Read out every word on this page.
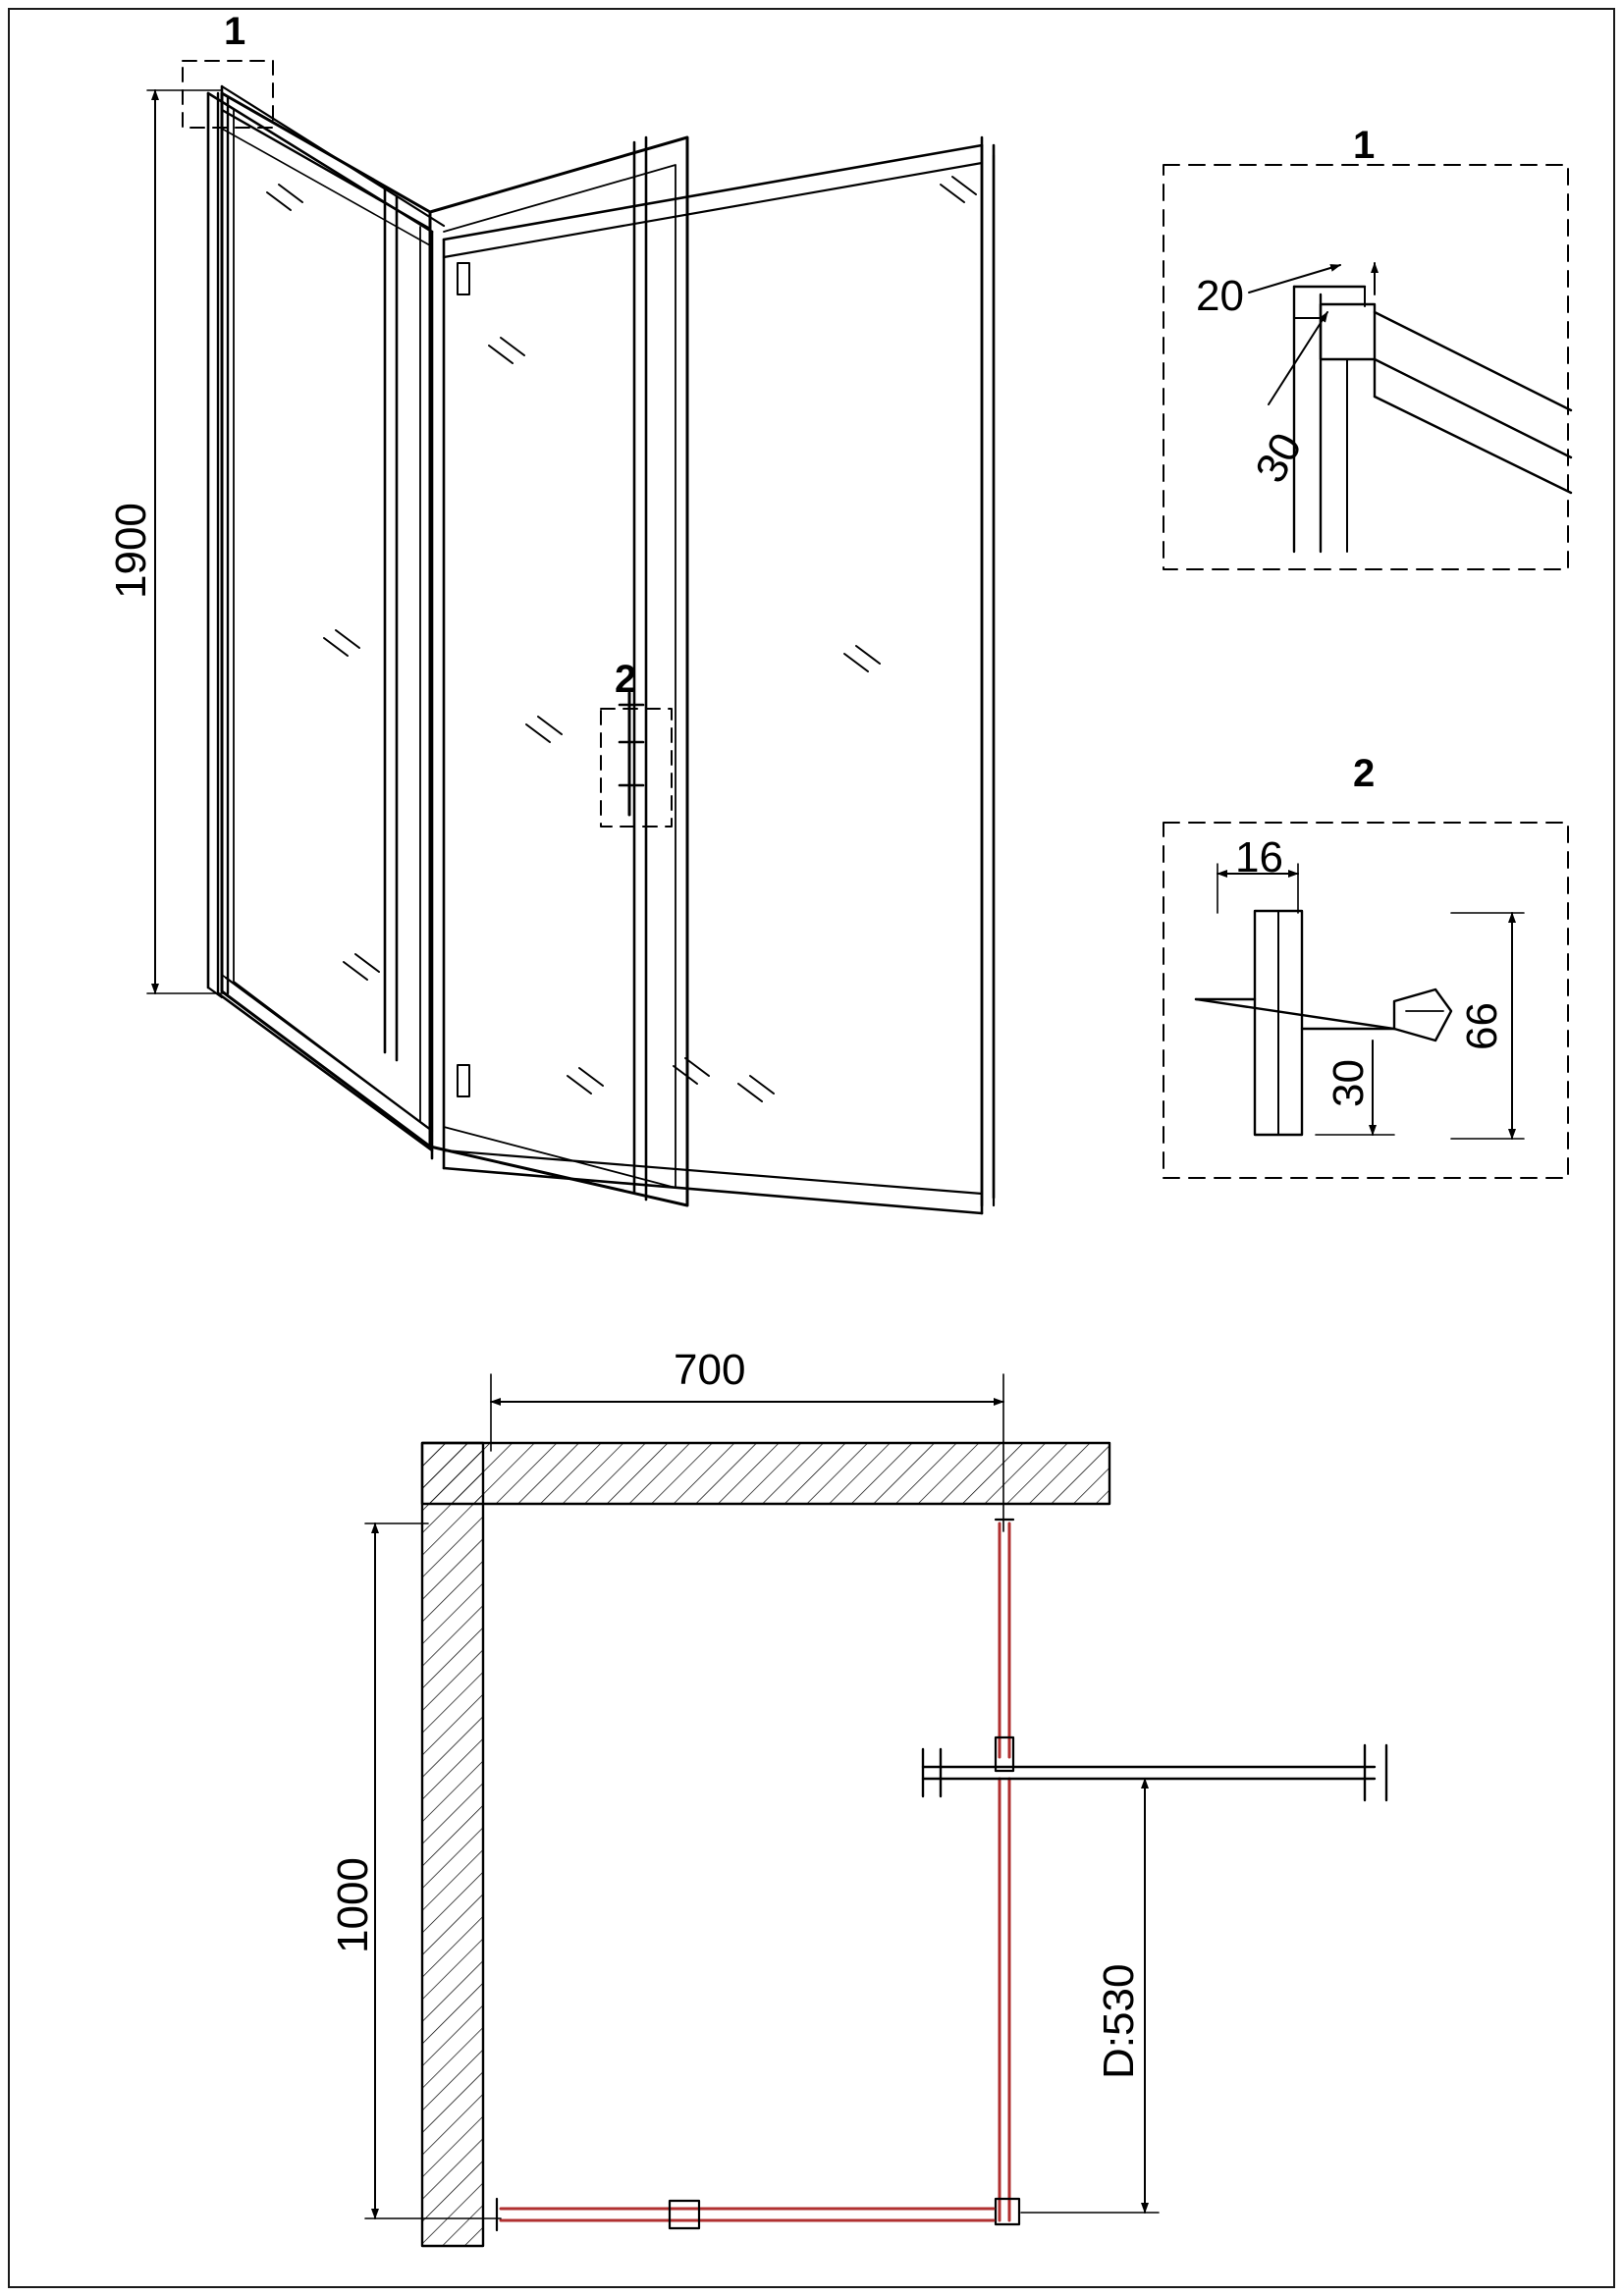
1
2
1900
1
20
30
2
16
66
30
700
1000
D:530
